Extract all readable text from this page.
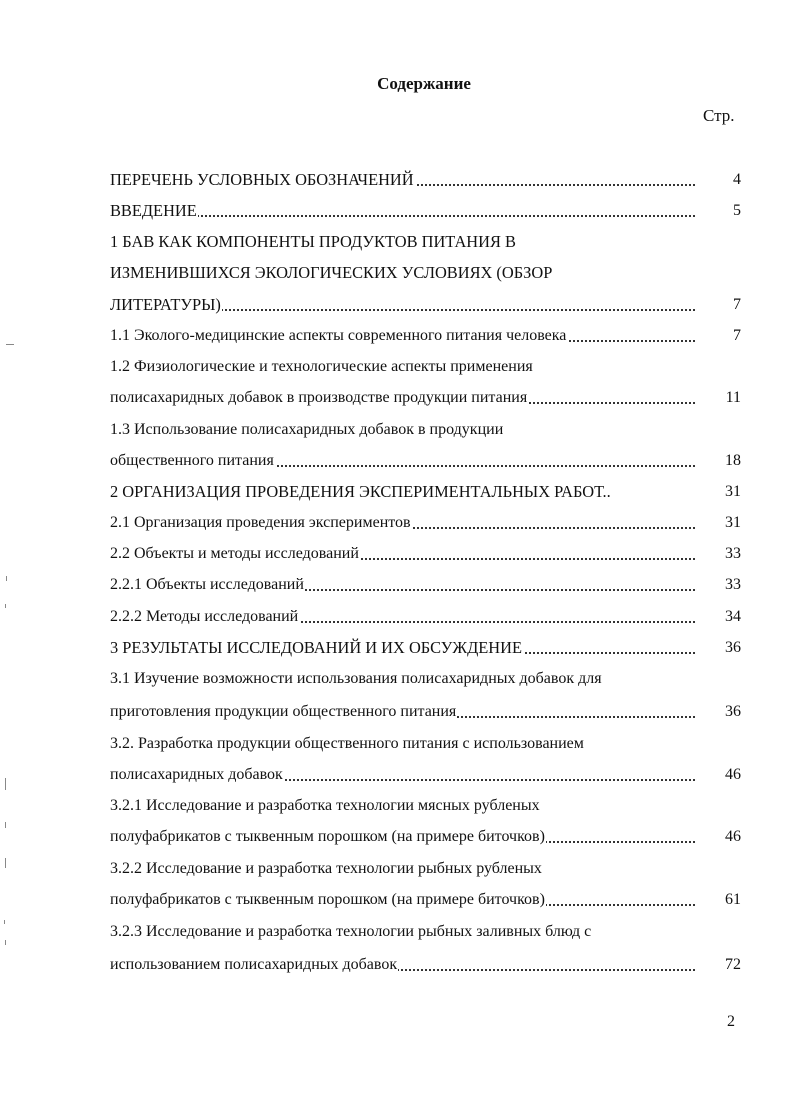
Содержание
Стр.
ПЕРЕЧЕНЬ УСЛОВНЫХ ОБОЗНАЧЕНИЙ	4
ВВЕДЕНИЕ	5
1 БАВ КАК КОМПОНЕНТЫ ПРОДУКТОВ ПИТАНИЯ В
ИЗМЕНИВШИХСЯ ЭКОЛОГИЧЕСКИХ УСЛОВИЯХ (ОБЗОР
ЛИТЕРАТУРЫ)	7
1.1 Эколого-медицинские аспекты современного питания человека	7
1.2 Физиологические и технологические аспекты применения
полисахаридных добавок в производстве продукции питания	11
1.3 Использование полисахаридных добавок в продукции
общественного питания	18
2 ОРГАНИЗАЦИЯ ПРОВЕДЕНИЯ ЭКСПЕРИМЕНТАЛЬНЫХ РАБОТ..	31
2.1 Организация проведения экспериментов	31
2.2 Объекты и методы исследований	33
2.2.1 Объекты исследований	33
2.2.2 Методы исследований	34
3 РЕЗУЛЬТАТЫ ИССЛЕДОВАНИЙ И ИХ ОБСУЖДЕНИЕ	36
3.1 Изучение возможности использования полисахаридных добавок для
приготовления продукции общественного питания	36
3.2. Разработка продукции общественного питания с использованием
полисахаридных добавок	46
3.2.1 Исследование и разработка технологии мясных рубленых
полуфабрикатов с тыквенным порошком (на примере биточков)	46
3.2.2 Исследование и разработка технологии рыбных рубленых
полуфабрикатов с тыквенным порошком (на примере биточков)	61
3.2.3 Исследование и разработка технологии рыбных заливных блюд с
использованием полисахаридных добавок	72
2
